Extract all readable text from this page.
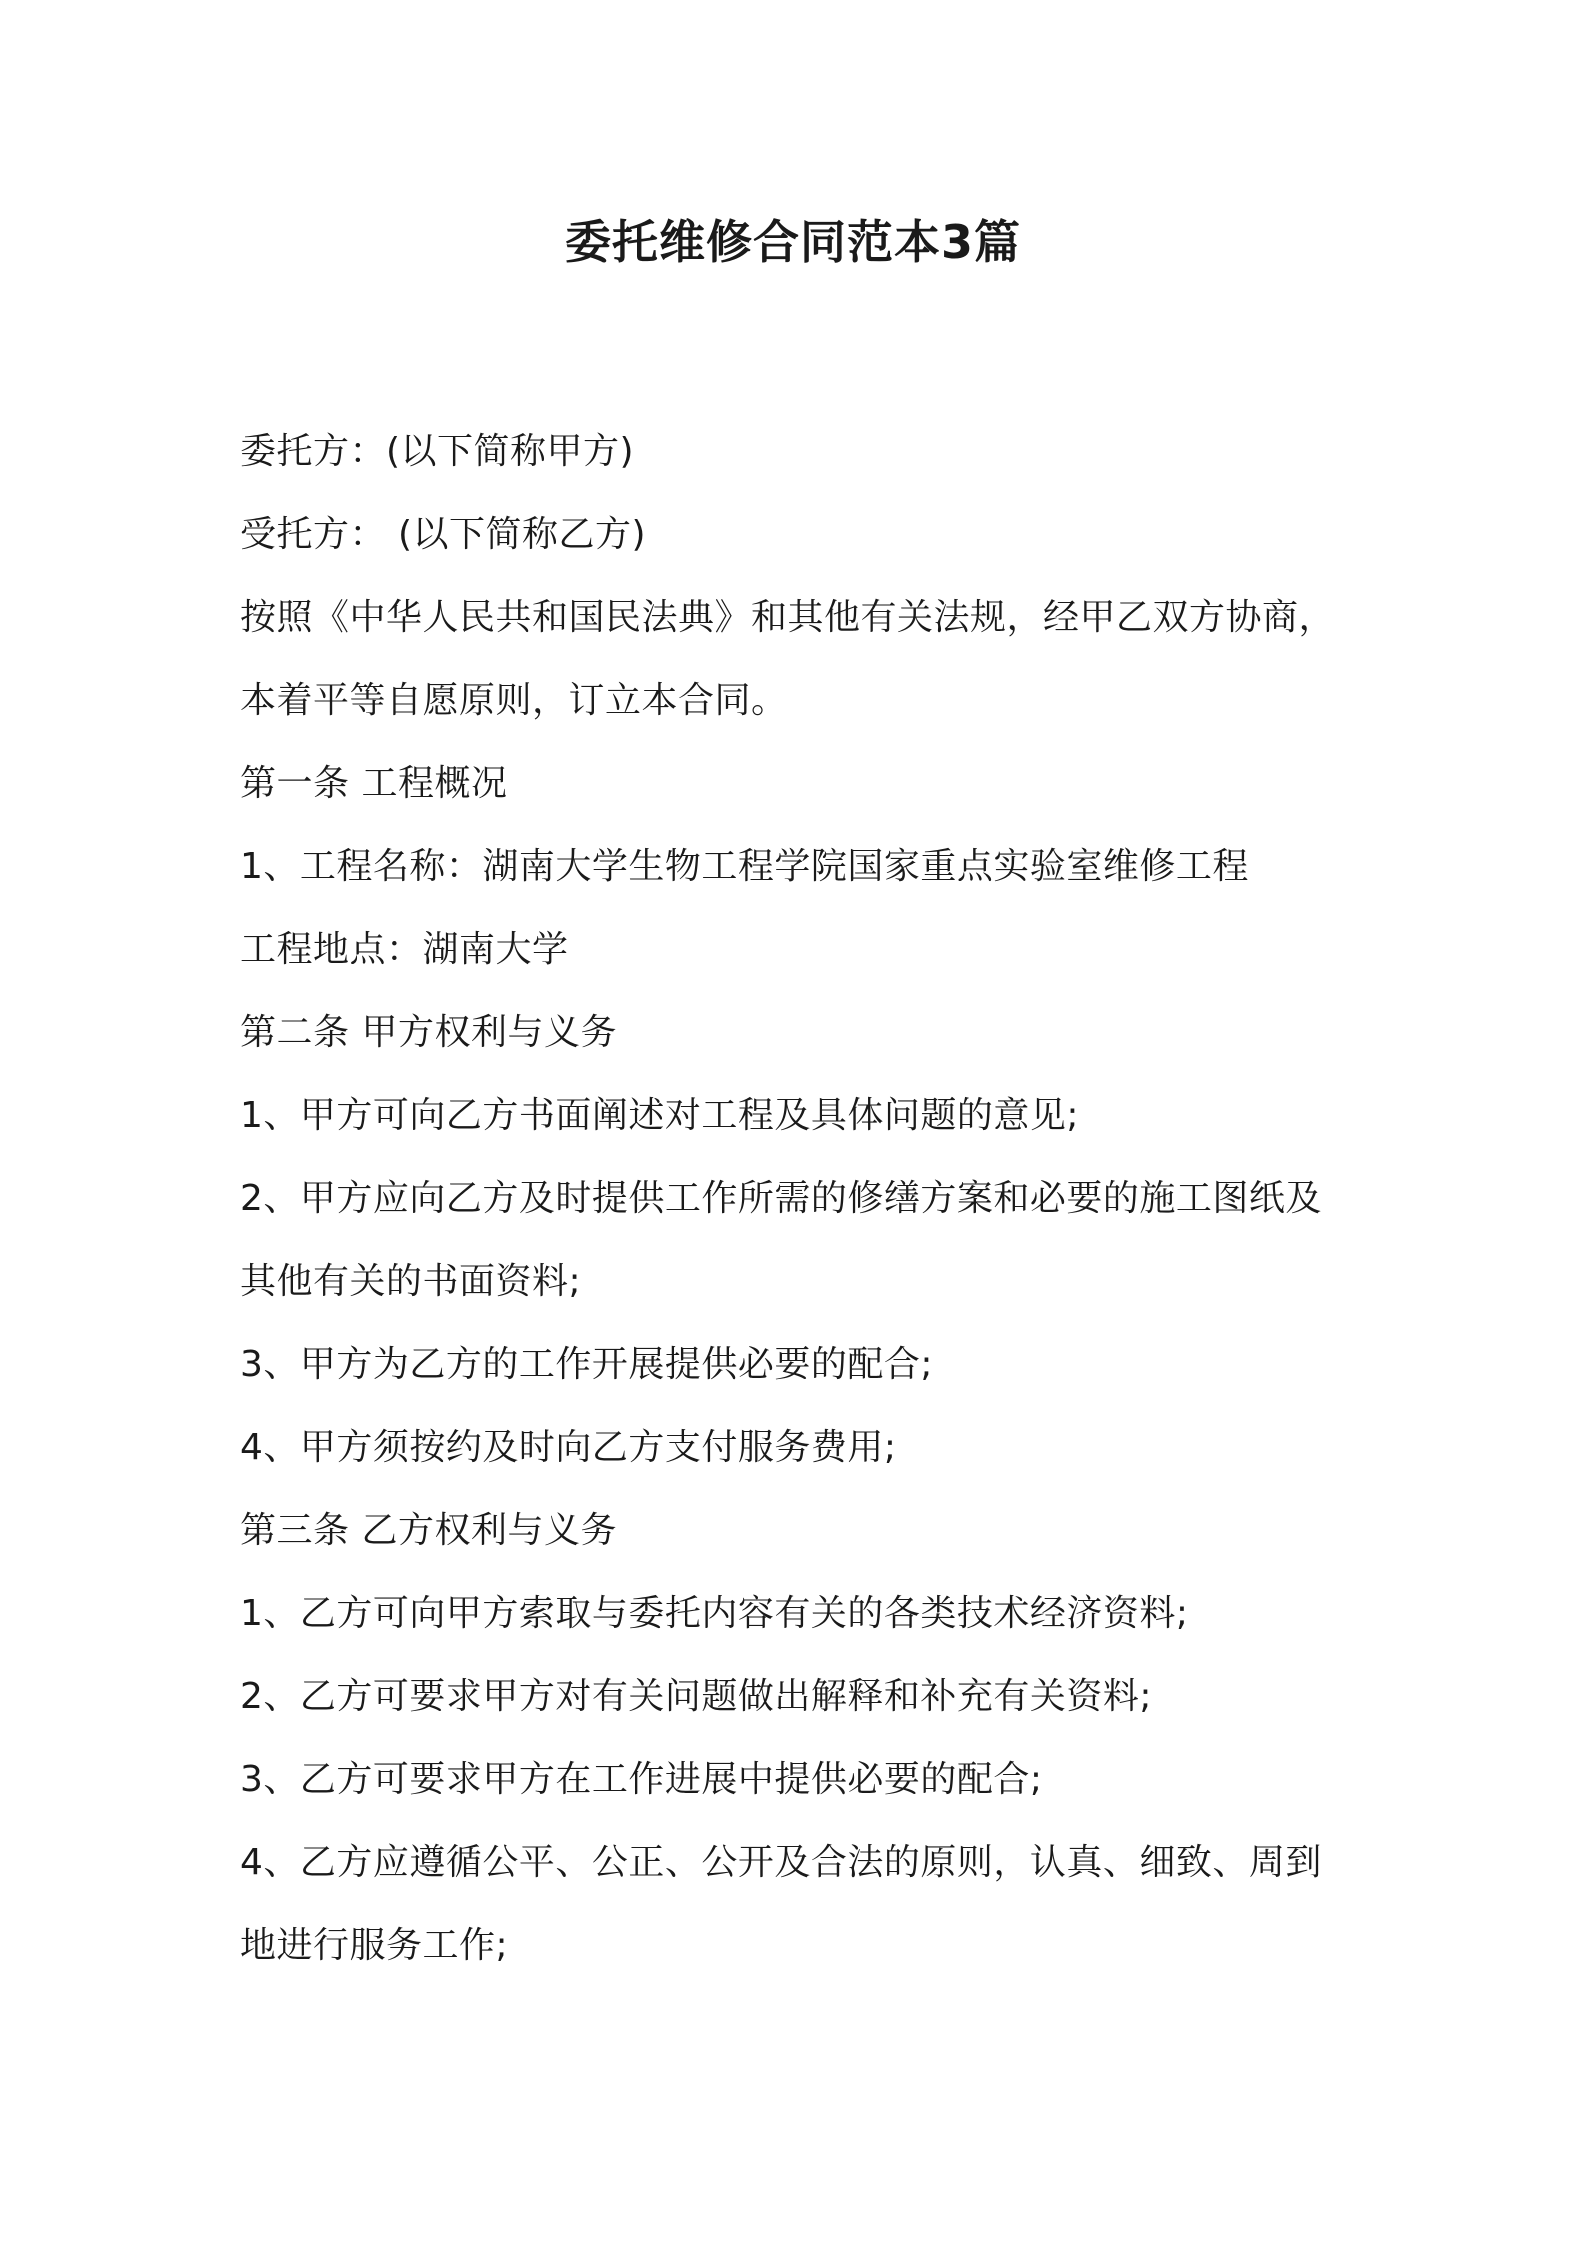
委托维修合同范本3篇
委托方：(以下简称甲方)
受托方： (以下简称乙方)
按照《中华人民共和国民法典》和其他有关法规，经甲乙双方协商，
本着平等自愿原则，订立本合同。
第一条 工程概况
1、工程名称：湖南大学生物工程学院国家重点实验室维修工程
工程地点：湖南大学
第二条 甲方权利与义务
1、甲方可向乙方书面阐述对工程及具体问题的意见;
2、甲方应向乙方及时提供工作所需的修缮方案和必要的施工图纸及
其他有关的书面资料;
3、甲方为乙方的工作开展提供必要的配合;
4、甲方须按约及时向乙方支付服务费用;
第三条 乙方权利与义务
1、乙方可向甲方索取与委托内容有关的各类技术经济资料;
2、乙方可要求甲方对有关问题做出解释和补充有关资料;
3、乙方可要求甲方在工作进展中提供必要的配合;
4、乙方应遵循公平、公正、公开及合法的原则，认真、细致、周到
地进行服务工作;
